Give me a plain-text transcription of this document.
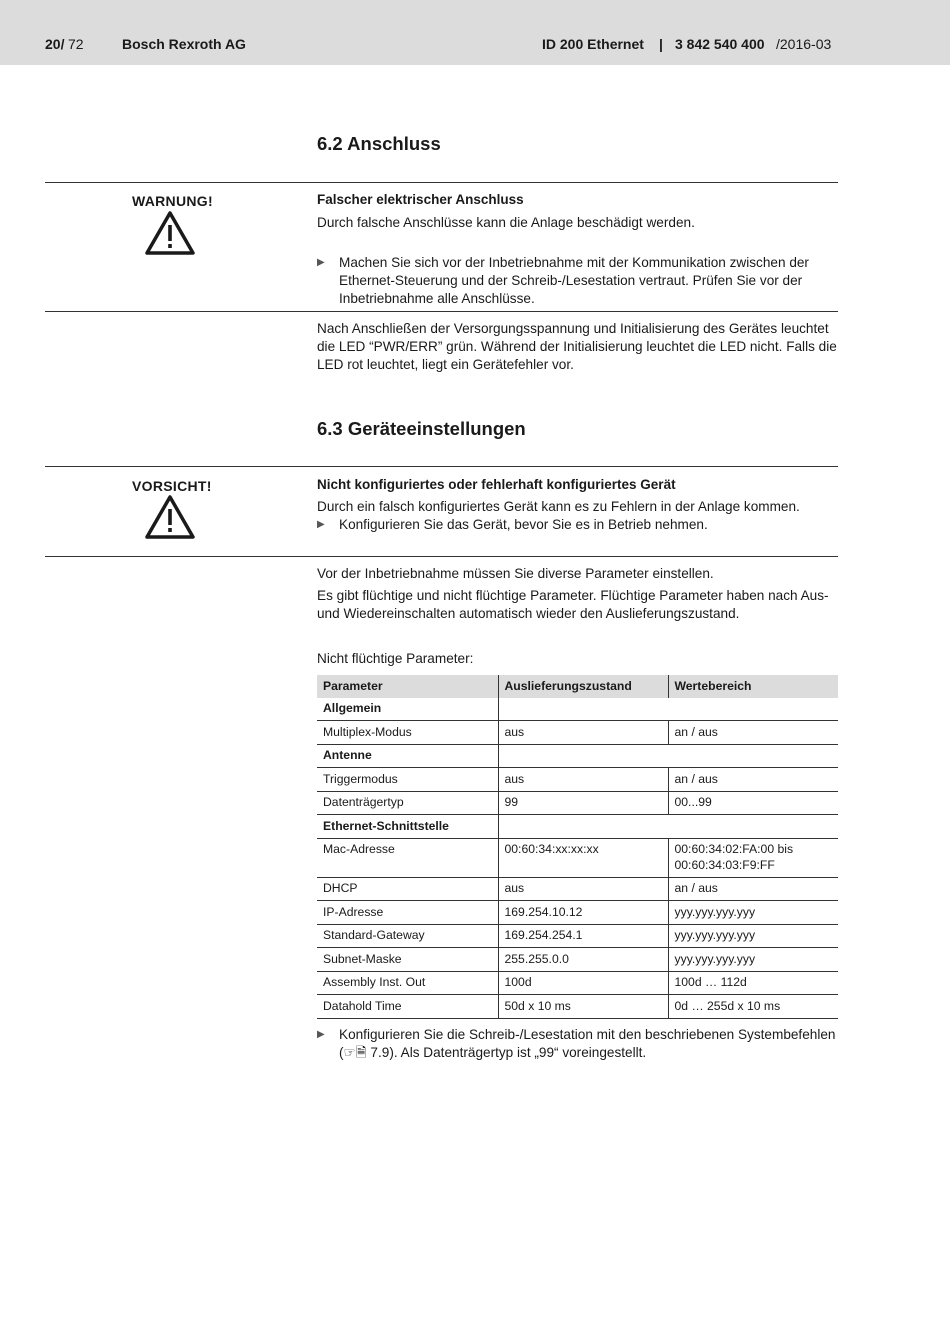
20/ 72	Bosch Rexroth AG	ID 200 Ethernet | 3 842 540 400 /2016-03
6.2 Anschluss
WARNUNG!	Falscher elektrischer Anschluss
Durch falsche Anschlüsse kann die Anlage beschädigt werden.
▶ Machen Sie sich vor der Inbetriebnahme mit der Kommunikation zwischen der Ethernet-Steuerung und der Schreib-/Lesestation vertraut. Prüfen Sie vor der Inbetriebnahme alle Anschlüsse.
Nach Anschließen der Versorgungsspannung und Initialisierung des Gerätes leuchtet die LED “PWR/ERR” grün. Während der Initialisierung leuchtet die LED nicht. Falls die LED rot leuchtet, liegt ein Gerätefehler vor.
6.3 Geräteeinstellungen
VORSICHT!	Nicht konfiguriertes oder fehlerhaft konfiguriertes Gerät
Durch ein falsch konfiguriertes Gerät kann es zu Fehlern in der Anlage kommen.
▶ Konfigurieren Sie das Gerät, bevor Sie es in Betrieb nehmen.
Vor der Inbetriebnahme müssen Sie diverse Parameter einstellen.
Es gibt flüchtige und nicht flüchtige Parameter. Flüchtige Parameter haben nach Aus- und Wiedereinschalten automatisch wieder den Auslieferungszustand.
Nicht flüchtige Parameter:
Parameter	Auslieferungszustand	Wertebereich
Allgemein		
Multiplex-Modus	aus	an / aus
Antenne		
Triggermodus	aus	an / aus
Datenträgertyp	99	00...99
Ethernet-Schnittstelle		
Mac-Adresse	00:60:34:xx:xx:xx	00:60:34:02:FA:00 bis 00:60:34:03:F9:FF
DHCP	aus	an / aus
IP-Adresse	169.254.10.12	yyy.yyy.yyy.yyy
Standard-Gateway	169.254.254.1	yyy.yyy.yyy.yyy
Subnet-Maske	255.255.0.0	yyy.yyy.yyy.yyy
Assembly Inst. Out	100d	100d … 112d
Datahold Time	50d x 10 ms	0d … 255d x 10 ms
▶ Konfigurieren Sie die Schreib-/Lesestation mit den beschriebenen Systembefehlen (☞🗎 7.9). Als Datenträgertyp ist „99“ voreingestellt.
